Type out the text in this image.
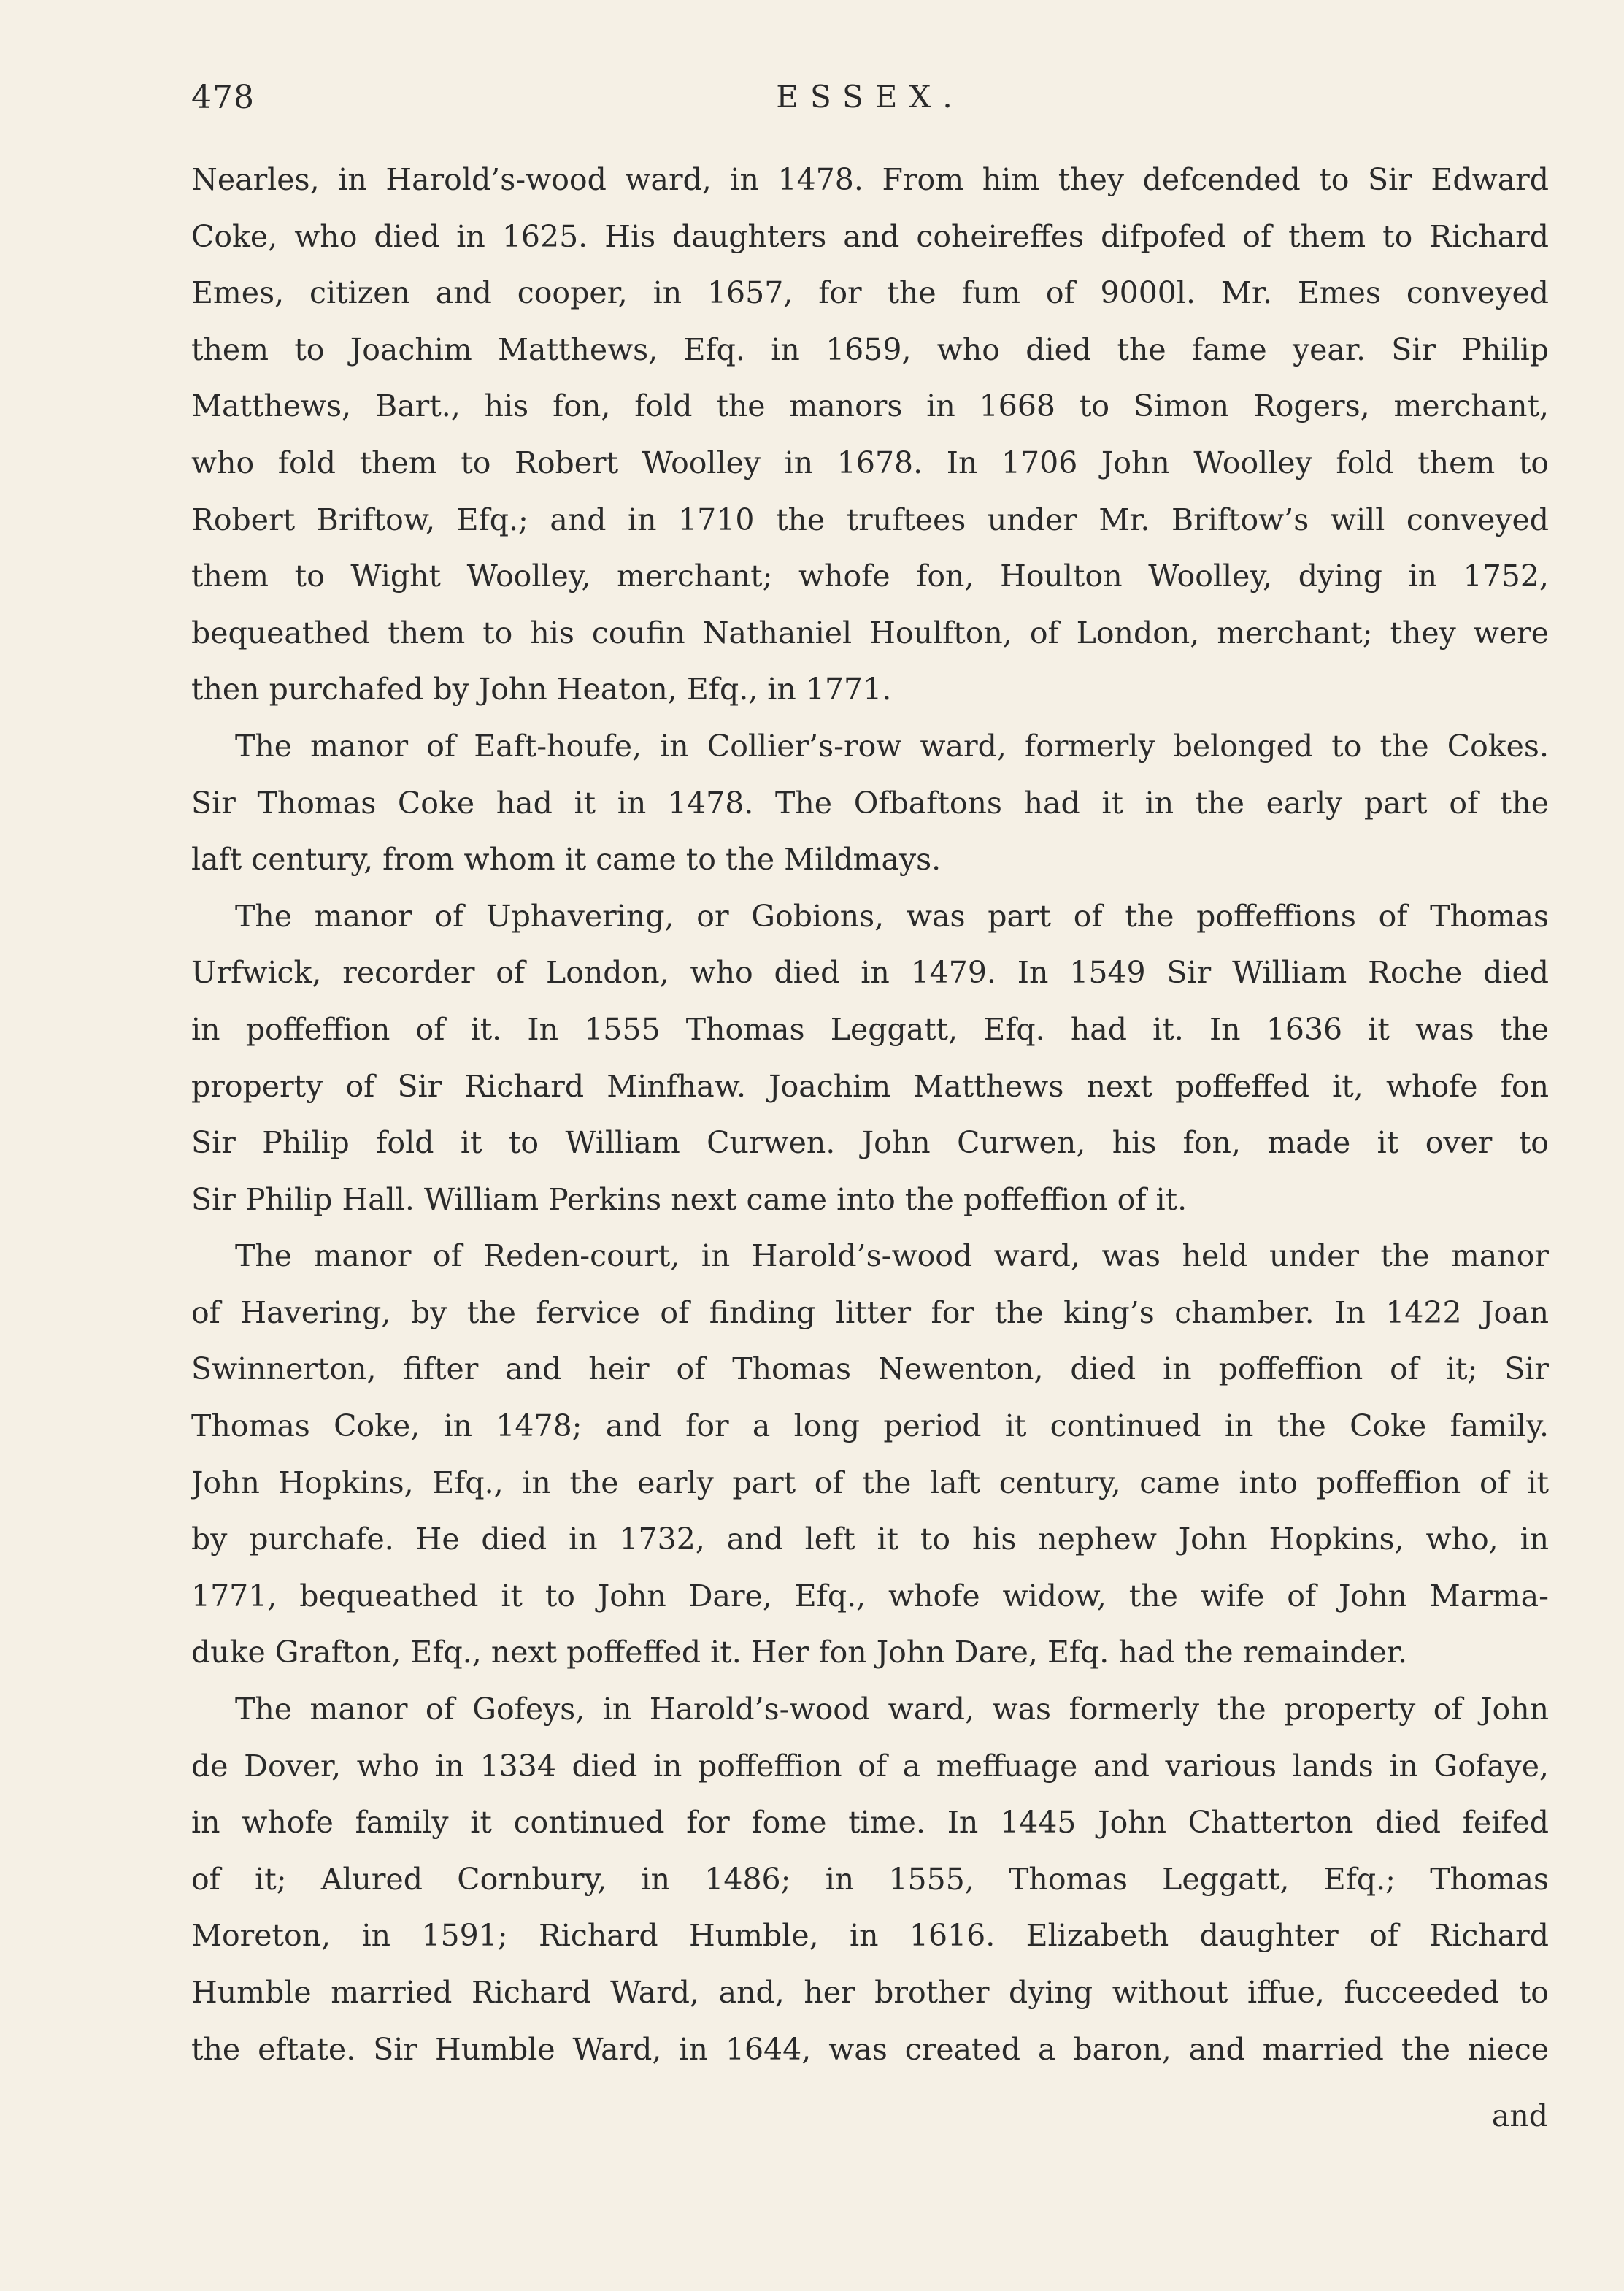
478	ESSEX.
Nearles, in Harold’s-wood ward, in 1478. From him they defcended to Sir Edward
Coke, who died in 1625. His daughters and coheireffes difpofed of them to Richard
Emes, citizen and cooper, in 1657, for the fum of 9000l. Mr. Emes conveyed
them to Joachim Matthews, Efq. in 1659, who died the fame year. Sir Philip
Matthews, Bart., his fon, fold the manors in 1668 to Simon Rogers, merchant,
who fold them to Robert Woolley in 1678. In 1706 John Woolley fold them to
Robert Briftow, Efq.; and in 1710 the truftees under Mr. Briftow’s will conveyed
them to Wight Woolley, merchant; whofe fon, Houlton Woolley, dying in 1752,
bequeathed them to his coufin Nathaniel Houlfton, of London, merchant; they were
then purchafed by John Heaton, Efq., in 1771.
The manor of Eaft-houfe, in Collier’s-row ward, formerly belonged to the Cokes.
Sir Thomas Coke had it in 1478. The Ofbaftons had it in the early part of the
laft century, from whom it came to the Mildmays.
The manor of Uphavering, or Gobions, was part of the poffeffions of Thomas
Urfwick, recorder of London, who died in 1479. In 1549 Sir William Roche died
in poffeffion of it. In 1555 Thomas Leggatt, Efq. had it. In 1636 it was the
property of Sir Richard Minfhaw. Joachim Matthews next poffeffed it, whofe fon
Sir Philip fold it to William Curwen. John Curwen, his fon, made it over to
Sir Philip Hall. William Perkins next came into the poffeffion of it.
The manor of Reden-court, in Harold’s-wood ward, was held under the manor
of Havering, by the fervice of finding litter for the king’s chamber. In 1422 Joan
Swinnerton, fifter and heir of Thomas Newenton, died in poffeffion of it; Sir
Thomas Coke, in 1478; and for a long period it continued in the Coke family.
John Hopkins, Efq., in the early part of the laft century, came into poffeffion of it
by purchafe. He died in 1732, and left it to his nephew John Hopkins, who, in
1771, bequeathed it to John Dare, Efq., whofe widow, the wife of John Marma-
duke Grafton, Efq., next poffeffed it. Her fon John Dare, Efq. had the remainder.
The manor of Gofeys, in Harold’s-wood ward, was formerly the property of John
de Dover, who in 1334 died in poffeffion of a meffuage and various lands in Gofaye,
in whofe family it continued for fome time. In 1445 John Chatterton died feifed
of it; Alured Cornbury, in 1486; in 1555, Thomas Leggatt, Efq.; Thomas
Moreton, in 1591; Richard Humble, in 1616. Elizabeth daughter of Richard
Humble married Richard Ward, and, her brother dying without iffue, fucceeded to
the eftate. Sir Humble Ward, in 1644, was created a baron, and married the niece
and
